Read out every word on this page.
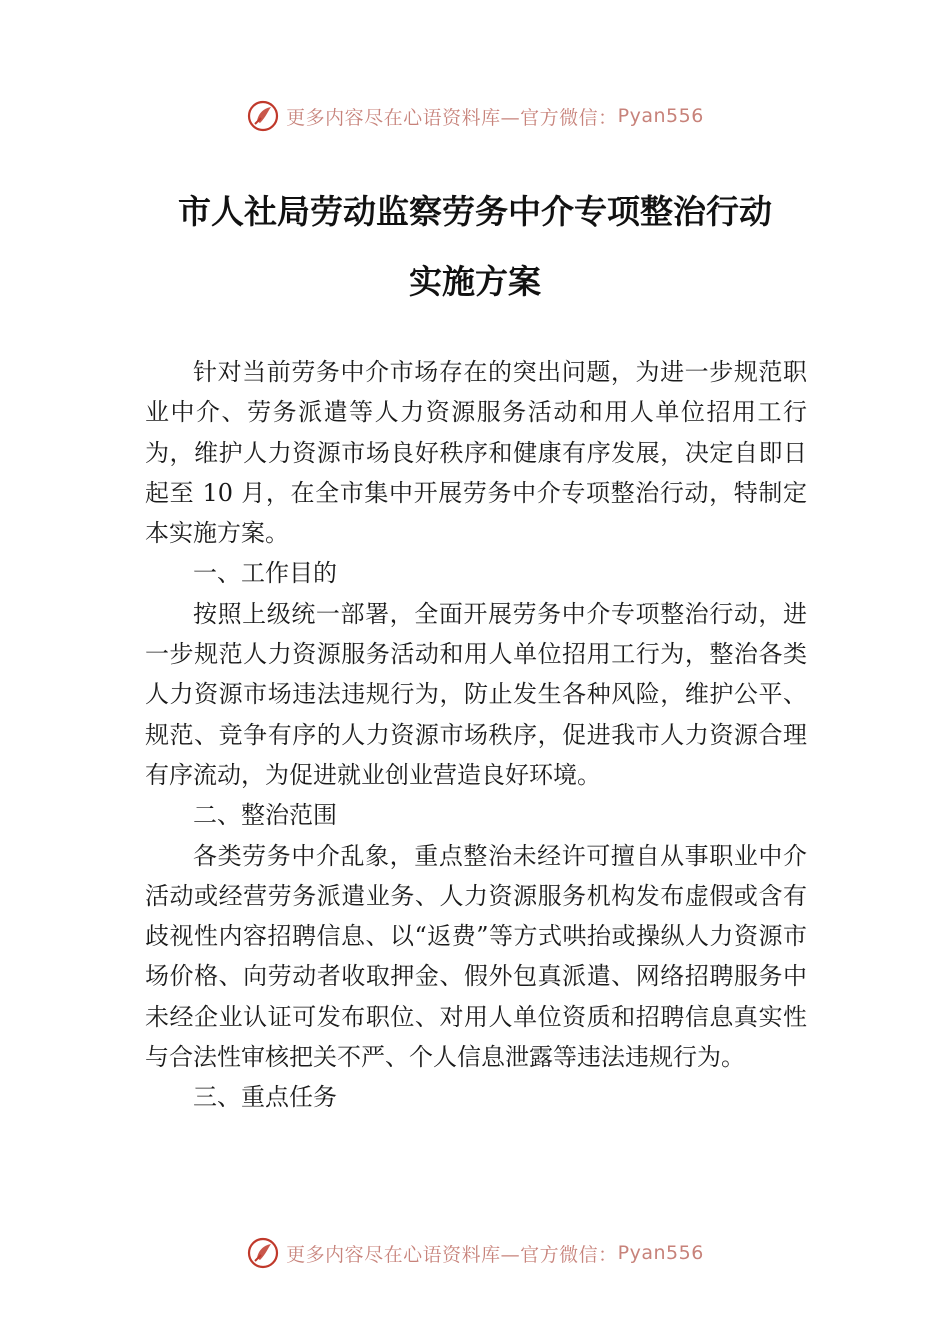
更多内容尽在心语资料库—官方微信： Pyan556
市人社局劳动监察劳务中介专项整治行动
实施方案

针对当前劳务中介市场存在的突出问题，为进一步规范职业中介、劳务派遣等人力资源服务活动和用人单位招用工行为，维护人力资源市场良好秩序和健康有序发展，决定自即日起至 10 月，在全市集中开展劳务中介专项整治行动，特制定本实施方案。

一、工作目的

按照上级统一部署，全面开展劳务中介专项整治行动，进一步规范人力资源服务活动和用人单位招用工行为，整治各类人力资源市场违法违规行为，防止发生各种风险，维护公平、规范、竞争有序的人力资源市场秩序，促进我市人力资源合理有序流动，为促进就业创业营造良好环境。

二、整治范围

各类劳务中介乱象，重点整治未经许可擅自从事职业中介活动或经营劳务派遣业务、人力资源服务机构发布虚假或含有歧视性内容招聘信息、以“返费”等方式哄抬或操纵人力资源市场价格、向劳动者收取押金、假外包真派遣、网络招聘服务中未经企业认证可发布职位、对用人单位资质和招聘信息真实性与合法性审核把关不严、个人信息泄露等违法违规行为。

三、重点任务

更多内容尽在心语资料库—官方微信： Pyan556
